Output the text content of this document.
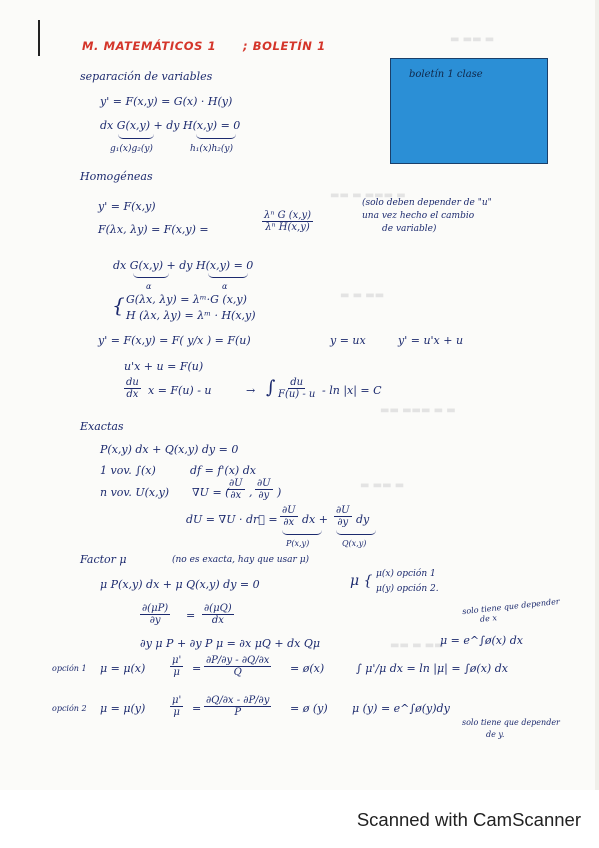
▬ ▬▬ ▬
▬▬ ▬ ▬▬▬ ▬
▬ ▬ ▬▬
▬▬ ▬▬▬ ▬ ▬
▬ ▬▬ ▬
▬▬ ▬ ▬▬
M. MATEMÁTICOS 1 ; BOLETÍN 1
boletín 1 clase
separación de variables
y' = F(x,y) = G(x) · H(y)
dx G(x,y) + dy H(x,y) = 0
g₁(x)g₂(y)	h₁(x)h₂(y)
Homogéneas
y' = F(x,y)
F(λx, λy) = F(x,y) =	$\frac{\text{λⁿ G (x,y)}}{\text{λⁿ H(x,y)}}$
(solo deben depender de "u"
una vez hecho el cambio
de variable)
dx G(x,y) + dy H(x,y) = 0
α	α
{ G(λx, λy) = λᵐ·G (x,y)
H (λx, λy) = λᵐ · H(x,y)
y' = F(x,y) = F( y/x ) = F(u)	y = ux	y' = u'x + u
u'x + u = F(u)
$\frac{du}{dx}$ x = F(u) - u	→ ∫ $\frac{du}{F(u) - u} - \ln |x| = C$
Exactas
P(x,y) dx + Q(x,y) dy = 0
1 vov. ∫(x)	df = f'(x) dx
n vov. U(x,y) ∇U = (
$\frac{\partial U}{\partial x}$ , $\frac{\partial U}{\partial y}$ )
dU = ∇U · dr⃗ = $\frac{\partial U}{\partial x}$ dx + $\frac{\partial U}{\partial y}$ dy
P(x,y)	Q(x,y)
Factor μ	(no es exacta, hay que usar μ)
μ P(x,y) dx + μ Q(x,y) dy = 0	μ { μ(x) opción 1
μ(y) opción 2.
$\frac{\partial(\mu P)}{\partial y} = \frac{\partial(\mu Q)}{dx}$	solo tiene que depender
de x
∂y μ P + ∂y P μ = ∂x μQ + dx Qμ	μ = e^∫ø(x) dx
opción 1 $\mu = \mu(x) \frac{\mu'}{\mu} = \frac{\partial P/\partial y - \partial Q/\partial x}{Q}$ = ø(x)	∫ μ'/μ dx = ln |μ| = ∫ø(x) dx
opción 2 $\mu = \mu(y) \frac{\mu'}{\mu} = \frac{\partial Q/\partial x - \partial P/\partial y}{P}$ = ø (y) μ (y) = e^∫ø(y)dy
solo tiene que depender
de y.
Scanned with CamScanner
